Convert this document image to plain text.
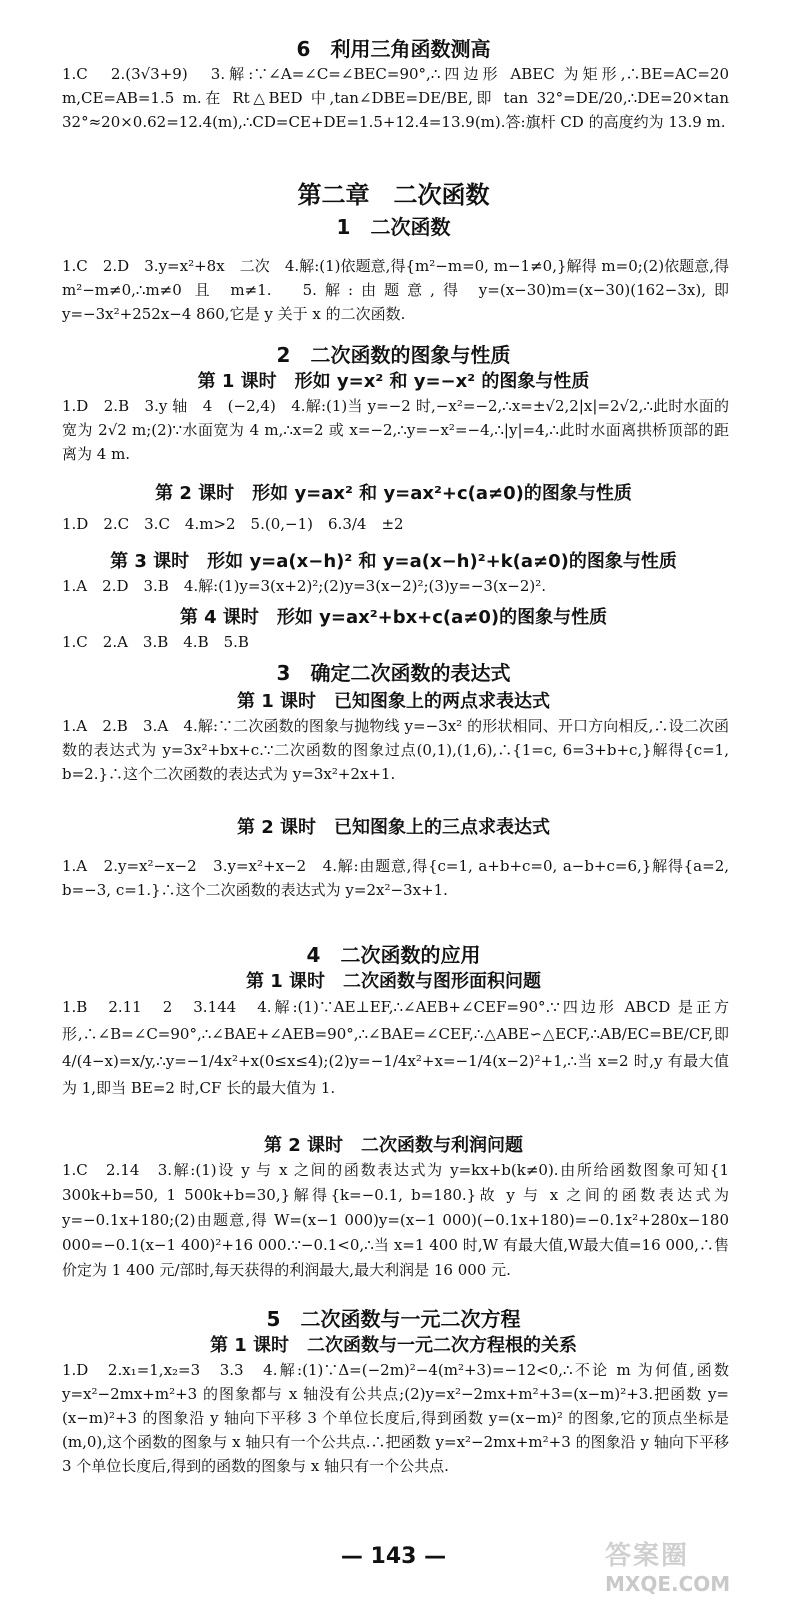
6　利用三角函数测高
1.C　2.(3√3+9)　3.解:∵∠A=∠C=∠BEC=90°,∴四边形 ABEC 为矩形,∴BE=AC=20 m,CE=AB=1.5 m.在 Rt△BED 中,tan∠DBE=DE/BE,即 tan 32°=DE/20,∴DE=20×tan 32°≈20×0.62=12.4(m),∴CD=CE+DE=1.5+12.4=13.9(m).答:旗杆 CD 的高度约为 13.9 m.
第二章　二次函数
1　二次函数
1.C　2.D　3.y=x²+8x　二次　4.解:(1)依题意,得{m²−m=0, m−1≠0,}解得 m=0;(2)依题意,得 m²−m≠0,∴m≠0 且 m≠1.　5.解:由题意,得 y=(x−30)m=(x−30)(162−3x),即 y=−3x²+252x−4 860,它是 y 关于 x 的二次函数.
2　二次函数的图象与性质
第 1 课时　形如 y=x² 和 y=−x² 的图象与性质
1.D　2.B　3.y 轴　4　(−2,4)　4.解:(1)当 y=−2 时,−x²=−2,∴x=±√2,2|x|=2√2,∴此时水面的宽为 2√2 m;(2)∵水面宽为 4 m,∴x=2 或 x=−2,∴y=−x²=−4,∴|y|=4,∴此时水面离拱桥顶部的距离为 4 m.
第 2 课时　形如 y=ax² 和 y=ax²+c(a≠0)的图象与性质
1.D　2.C　3.C　4.m>2　5.(0,−1)　6.3/4　±2
第 3 课时　形如 y=a(x−h)² 和 y=a(x−h)²+k(a≠0)的图象与性质
1.A　2.D　3.B　4.解:(1)y=3(x+2)²;(2)y=3(x−2)²;(3)y=−3(x−2)².
第 4 课时　形如 y=ax²+bx+c(a≠0)的图象与性质
1.C　2.A　3.B　4.B　5.B
3　确定二次函数的表达式
第 1 课时　已知图象上的两点求表达式
1.A　2.B　3.A　4.解:∵二次函数的图象与抛物线 y=−3x² 的形状相同、开口方向相反,∴设二次函数的表达式为 y=3x²+bx+c.∵二次函数的图象过点(0,1),(1,6),∴{1=c, 6=3+b+c,}解得{c=1, b=2.}∴这个二次函数的表达式为 y=3x²+2x+1.
第 2 课时　已知图象上的三点求表达式
1.A　2.y=x²−x−2　3.y=x²+x−2　4.解:由题意,得{c=1, a+b+c=0, a−b+c=6,}解得{a=2, b=−3, c=1.}∴这个二次函数的表达式为 y=2x²−3x+1.
4　二次函数的应用
第 1 课时　二次函数与图形面积问题
1.B　2.11　2　3.144　4.解:(1)∵AE⊥EF,∴∠AEB+∠CEF=90°.∵四边形 ABCD 是正方形,∴∠B=∠C=90°,∴∠BAE+∠AEB=90°,∴∠BAE=∠CEF,∴△ABE∽△ECF,∴AB/EC=BE/CF,即 4/(4−x)=x/y,∴y=−1/4x²+x(0≤x≤4);(2)y=−1/4x²+x=−1/4(x−2)²+1,∴当 x=2 时,y 有最大值为 1,即当 BE=2 时,CF 长的最大值为 1.
第 2 课时　二次函数与利润问题
1.C　2.14　3.解:(1)设 y 与 x 之间的函数表达式为 y=kx+b(k≠0).由所给函数图象可知{1 300k+b=50, 1 500k+b=30,}解得{k=−0.1, b=180.}故 y 与 x 之间的函数表达式为 y=−0.1x+180;(2)由题意,得 W=(x−1 000)y=(x−1 000)(−0.1x+180)=−0.1x²+280x−180 000=−0.1(x−1 400)²+16 000.∵−0.1<0,∴当 x=1 400 时,W 有最大值,W最大值=16 000,∴售价定为 1 400 元/部时,每天获得的利润最大,最大利润是 16 000 元.
5　二次函数与一元二次方程
第 1 课时　二次函数与一元二次方程根的关系
1.D　2.x₁=1,x₂=3　3.3　4.解:(1)∵Δ=(−2m)²−4(m²+3)=−12<0,∴不论 m 为何值,函数 y=x²−2mx+m²+3 的图象都与 x 轴没有公共点;(2)y=x²−2mx+m²+3=(x−m)²+3.把函数 y=(x−m)²+3 的图象沿 y 轴向下平移 3 个单位长度后,得到函数 y=(x−m)² 的图象,它的顶点坐标是(m,0),这个函数的图象与 x 轴只有一个公共点.∴把函数 y=x²−2mx+m²+3 的图象沿 y 轴向下平移 3 个单位长度后,得到的函数的图象与 x 轴只有一个公共点.
— 143 —	答案圈
MXQE.COM
